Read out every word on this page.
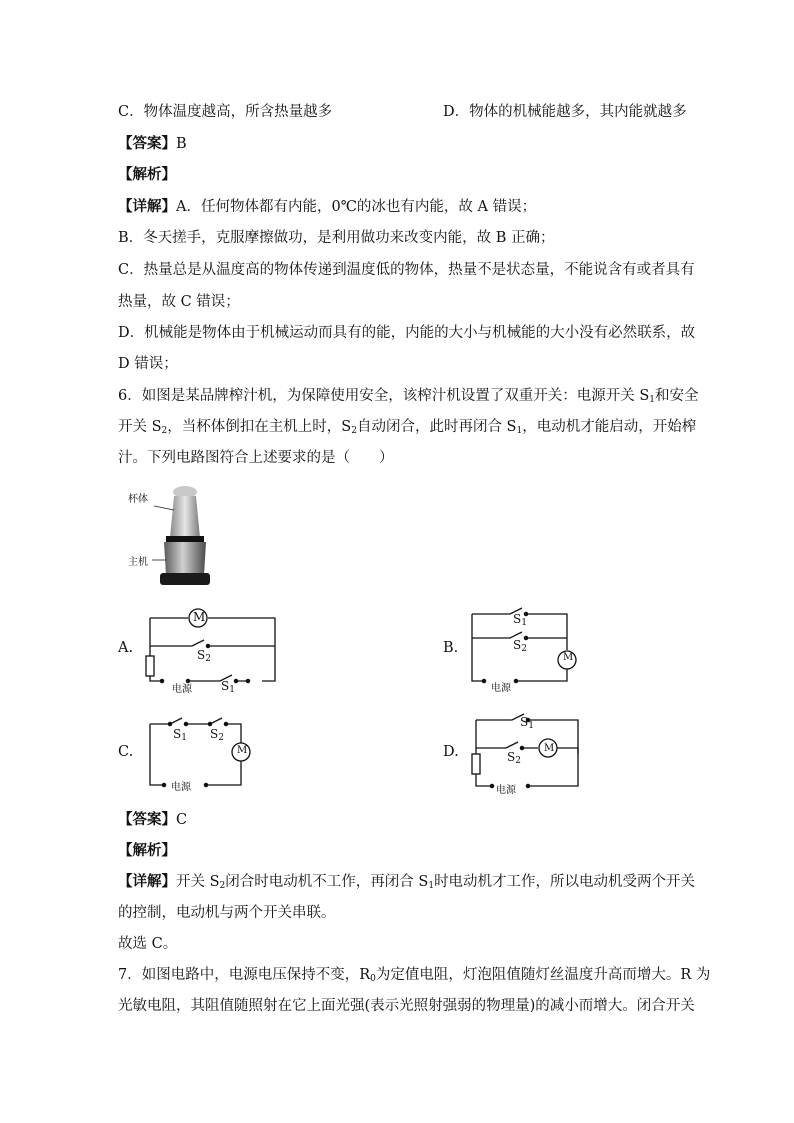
C．物体温度越高，所含热量越多	D．物体的机械能越多，其内能就越多
【答案】B
【解析】
【详解】A．任何物体都有内能，0℃的冰也有内能，故 A 错误；
B．冬天搓手，克服摩擦做功，是利用做功来改变内能，故 B 正确；
C．热量总是从温度高的物体传递到温度低的物体，热量不是状态量，不能说含有或者具有
热量，故 C 错误；
D．机械能是物体由于机械运动而具有的能，内能的大小与机械能的大小没有必然联系，故
D 错误；
6．如图是某品牌榨汁机，为保障使用安全，该榨汁机设置了双重开关：电源开关 $S_1$和安全
开关 $S_2$，当杯体倒扣在主机上时，$S_2$自动闭合，此时再闭合 $S_1$，电动机才能启动，开始榨
汁。下列电路图符合上述要求的是（　　）
杯体
主机
A.	B.
C.	D.
M
$S_2$
$S_1$
电源
$S_1$
$S_2$
M
电源
$S_1$ $S_2$
M
电源
$S_1$
$S_2$
M
电源
【答案】C
【解析】
【详解】开关 $S_2$闭合时电动机不工作，再闭合 $S_1$时电动机才工作，所以电动机受两个开关
的控制，电动机与两个开关串联。
故选 C。
7．如图电路中，电源电压保持不变，$R_0$为定值电阻，灯泡阻值随灯丝温度升高而增大。R 为
光敏电阻，其阻值随照射在它上面光强(表示光照射强弱的物理量)的减小而增大。闭合开关
